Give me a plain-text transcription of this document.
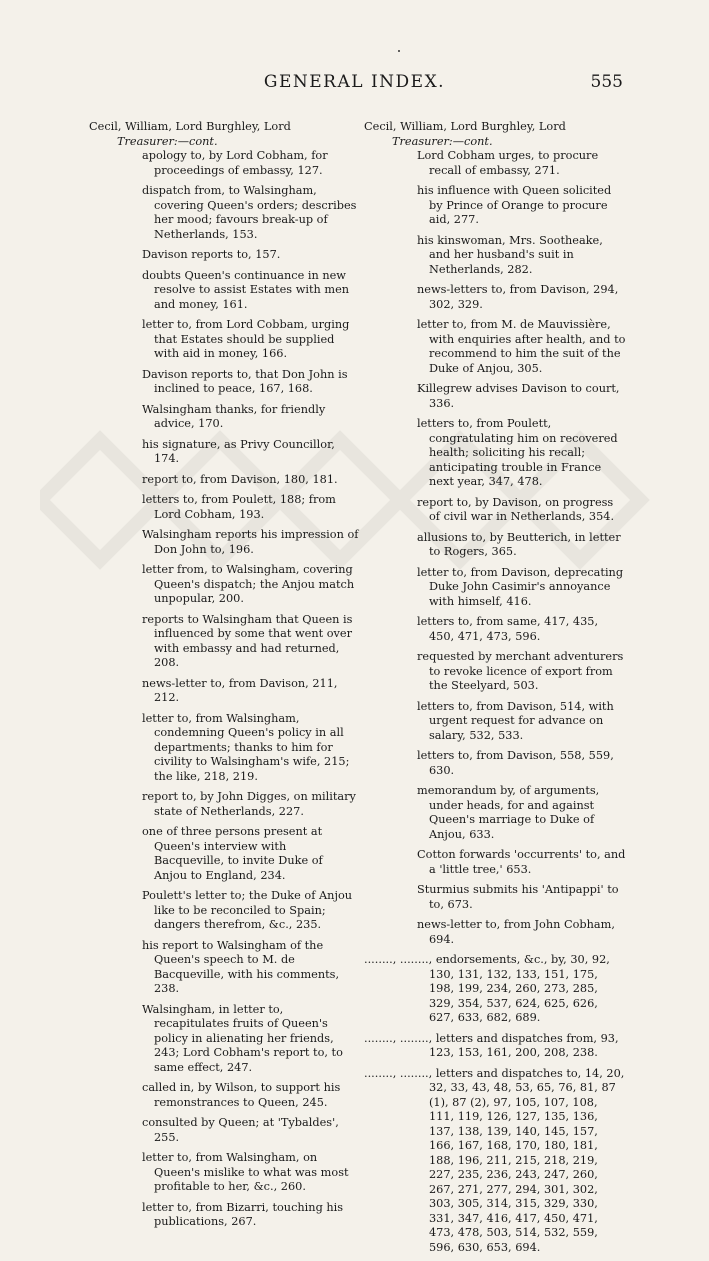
GENERAL INDEX.	555
Cecil, William, Lord Burghley, Lord
Treasurer:—cont.

apology to, by Lord Cobham, for proceedings of embassy, 127.

dispatch from, to Walsingham, covering Queen's orders; describes her mood; favours break-up of Netherlands, 153.

Davison reports to, 157.

doubts Queen's continuance in new resolve to assist Estates with men and money, 161.

letter to, from Lord Cobbam, urging that Estates should be supplied with aid in money, 166.

Davison reports to, that Don John is inclined to peace, 167, 168.

Walsingham thanks, for friendly advice, 170.

his signature, as Privy Councillor, 174.

report to, from Davison, 180, 181.

letters to, from Poulett, 188; from Lord Cobham, 193.

Walsingham reports his impression of Don John to, 196.

letter from, to Walsingham, covering Queen's dispatch; the Anjou match unpopular, 200.

reports to Walsingham that Queen is influenced by some that went over with embassy and had returned, 208.

news-letter to, from Davison, 211, 212.

letter to, from Walsingham, condemning Queen's policy in all departments; thanks to him for civility to Walsingham's wife, 215; the like, 218, 219.

report to, by John Digges, on military state of Netherlands, 227.

one of three persons present at Queen's interview with Bacqueville, to invite Duke of Anjou to England, 234.

Poulett's letter to; the Duke of Anjou like to be reconciled to Spain; dangers therefrom, &c., 235.

his report to Walsingham of the Queen's speech to M. de Bacqueville, with his comments, 238.

Walsingham, in letter to, recapitulates fruits of Queen's policy in alienating her friends, 243; Lord Cobham's report to, to same effect, 247.

called in, by Wilson, to support his remonstrances to Queen, 245.

consulted by Queen; at 'Tybaldes', 255.

letter to, from Walsingham, on Queen's mislike to what was most profitable to her, &c., 260.

letter to, from Bizarri, touching his publications, 267.

Cecil, William, Lord Burghley, Lord
Treasurer:—cont.

Lord Cobham urges, to procure recall of embassy, 271.

his influence with Queen solicited by Prince of Orange to procure aid, 277.

his kinswoman, Mrs. Sootheake, and her husband's suit in Netherlands, 282.

news-letters to, from Davison, 294, 302, 329.

letter to, from M. de Mauvissière, with enquiries after health, and to recommend to him the suit of the Duke of Anjou, 305.

Killegrew advises Davison to court, 336.

letters to, from Poulett, congratulating him on recovered health; soliciting his recall; anticipating trouble in France next year, 347, 478.

report to, by Davison, on progress of civil war in Netherlands, 354.

allusions to, by Beutterich, in letter to Rogers, 365.

letter to, from Davison, deprecating Duke John Casimir's annoyance with himself, 416.

letters to, from same, 417, 435, 450, 471, 473, 596.

requested by merchant adventurers to revoke licence of export from the Steelyard, 503.

letters to, from Davison, 514, with urgent request for advance on salary, 532, 533.

letters to, from Davison, 558, 559, 630.

memorandum by, of arguments, under heads, for and against Queen's marriage to Duke of Anjou, 633.

Cotton forwards 'occurrents' to, and a 'little tree,' 653.

Sturmius submits his 'Antipappi' to to, 673.

news-letter to, from John Cobham, 694.

........, ........, endorsements, &c., by, 30, 92, 130, 131, 132, 133, 151, 175, 198, 199, 234, 260, 273, 285, 329, 354, 537, 624, 625, 626, 627, 633, 682, 689.

........, ........, letters and dispatches from, 93, 123, 153, 161, 200, 208, 238.

........, ........, letters and dispatches to, 14, 20, 32, 33, 43, 48, 53, 65, 76, 81, 87 (1), 87 (2), 97, 105, 107, 108, 111, 119, 126, 127, 135, 136, 137, 138, 139, 140, 145, 157, 166, 167, 168, 170, 180, 181, 188, 196, 211, 215, 218, 219, 227, 235, 236, 243, 247, 260, 267, 271, 277, 294, 301, 302, 303, 305, 314, 315, 329, 330, 331, 347, 416, 417, 450, 471, 473, 478, 503, 514, 532, 559, 596, 630, 653, 694.
